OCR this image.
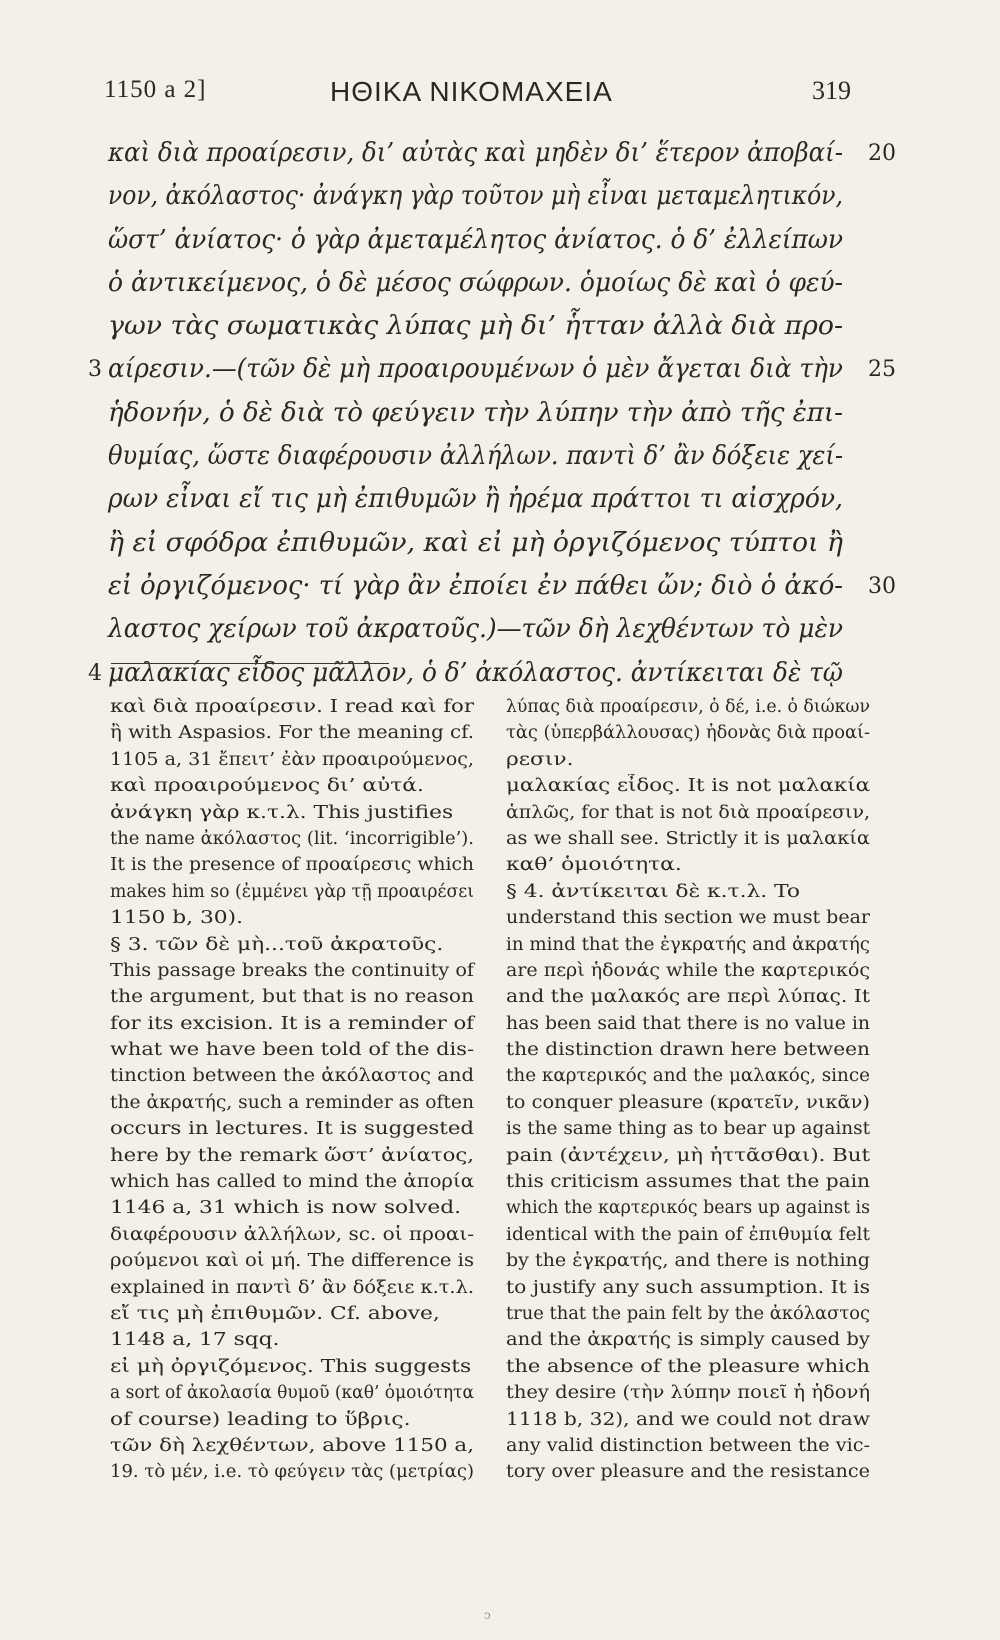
1150 a 2]	ΗΘΙΚΑ ΝΙΚΟΜΑΧΕΙΑ	319
καὶ διὰ προαίρεσιν, δι’ αὐτὰς καὶ μηδὲν δι’ ἕτερον ἀποβαί- 20
νον, ἀκόλαστος· ἀνάγκη γὰρ τοῦτον μὴ εἶναι μεταμελητικόν,
ὥστ’ ἀνίατος· ὁ γὰρ ἀμεταμέλητος ἀνίατος. ὁ δ’ ἐλλείπων
ὁ ἀντικείμενος, ὁ δὲ μέσος σώφρων. ὁμοίως δὲ καὶ ὁ φεύ-
γων τὰς σωματικὰς λύπας μὴ δι’ ἧτταν ἀλλὰ διὰ προ-
3 αίρεσιν.—(τῶν δὲ μὴ προαιρουμένων ὁ μὲν ἄγεται διὰ τὴν 25
ἡδονήν, ὁ δὲ διὰ τὸ φεύγειν τὴν λύπην τὴν ἀπὸ τῆς ἐπι-
θυμίας, ὥστε διαφέρουσιν ἀλλήλων. παντὶ δ’ ἂν δόξειε χεί-
ρων εἶναι εἴ τις μὴ ἐπιθυμῶν ἢ ἠρέμα πράττοι τι αἰσχρόν,
ἢ εἰ σφόδρα ἐπιθυμῶν, καὶ εἰ μὴ ὀργιζόμενος τύπτοι ἢ
εἰ ὀργιζόμενος· τί γὰρ ἂν ἐποίει ἐν πάθει ὤν; διὸ ὁ ἀκό- 30
λαστος χείρων τοῦ ἀκρατοῦς.)—τῶν δὴ λεχθέντων τὸ μὲν
4 μαλακίας εἶδος μᾶλλον, ὁ δ’ ἀκόλαστος. ἀντίκειται δὲ τῷ
καὶ διὰ προαίρεσιν. I read καὶ for
ἢ with Aspasios. For the meaning cf.
1105 a, 31 ἔπειτ’ ἐὰν προαιρούμενος,
καὶ προαιρούμενος δι’ αὐτά.
ἀνάγκη γὰρ κ.τ.λ. This justifies
the name ἀκόλαστος (lit. ‘incorrigible’).
It is the presence of προαίρεσις which
makes him so (ἐμμένει γὰρ τῇ προαιρέσει
1150 b, 30).
§ 3. τῶν δὲ μὴ...τοῦ ἀκρατοῦς.
This passage breaks the continuity of
the argument, but that is no reason
for its excision. It is a reminder of
what we have been told of the dis-
tinction between the ἀκόλαστος and
the ἀκρατής, such a reminder as often
occurs in lectures. It is suggested
here by the remark ὥστ’ ἀνίατος,
which has called to mind the ἀπορία
1146 a, 31 which is now solved.
διαφέρουσιν ἀλλήλων, sc. οἱ προαι-
ρούμενοι καὶ οἱ μή. The difference is
explained in παντὶ δ’ ἂν δόξειε κ.τ.λ.
εἴ τις μὴ ἐπιθυμῶν. Cf. above,
1148 a, 17 sqq.
εἰ μὴ ὀργιζόμενος. This suggests
a sort of ἀκολασία θυμοῦ (καθ’ ὁμοιότητα
of course) leading to ὕβρις.
τῶν δὴ λεχθέντων, above 1150 a,
19. τὸ μέν, i.e. τὸ φεύγειν τὰς (μετρίας)
λύπας διὰ προαίρεσιν, ὁ δέ, i.e. ὁ διώκων
τὰς (ὑπερβάλλουσας) ἡδονὰς διὰ προαί-
ρεσιν.
μαλακίας εἶδος. It is not μαλακία
ἁπλῶς, for that is not διὰ προαίρεσιν,
as we shall see. Strictly it is μαλακία
καθ’ ὁμοιότητα.
§ 4. ἀντίκειται δὲ κ.τ.λ. To
understand this section we must bear
in mind that the ἐγκρατής and ἀκρατής
are περὶ ἡδονάς while the καρτερικός
and the μαλακός are περὶ λύπας. It
has been said that there is no value in
the distinction drawn here between
the καρτερικός and the μαλακός, since
to conquer pleasure (κρατεῖν, νικᾶν)
is the same thing as to bear up against
pain (ἀντέχειν, μὴ ἡττᾶσθαι). But
this criticism assumes that the pain
which the καρτερικός bears up against is
identical with the pain of ἐπιθυμία felt
by the ἐγκρατής, and there is nothing
to justify any such assumption. It is
true that the pain felt by the ἀκόλαστος
and the ἀκρατής is simply caused by
the absence of the pleasure which
they desire (τὴν λύπην ποιεῖ ἡ ἡδονή
1118 b, 32), and we could not draw
any valid distinction between the vic-
tory over pleasure and the resistance
ↄ
